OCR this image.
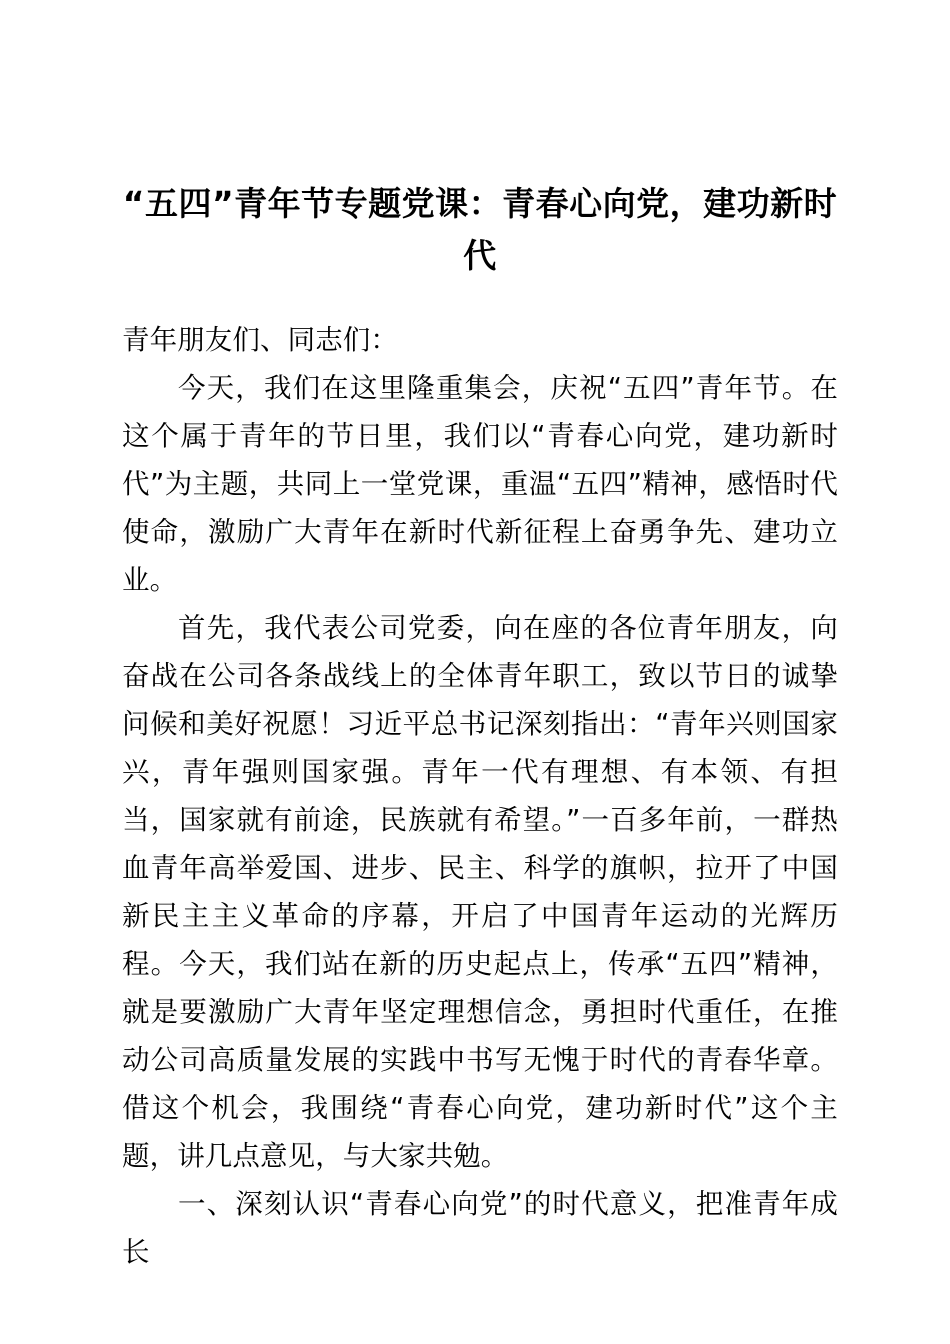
“五四”青年节专题党课：青春心向党，建功新时代

青年朋友们、同志们：

今天，我们在这里隆重集会，庆祝“五四”青年节。在这个属于青年的节日里，我们以“青春心向党，建功新时代”为主题，共同上一堂党课，重温“五四”精神，感悟时代使命，激励广大青年在新时代新征程上奋勇争先、建功立业。

首先，我代表公司党委，向在座的各位青年朋友，向奋战在公司各条战线上的全体青年职工，致以节日的诚挚问候和美好祝愿！习近平总书记深刻指出：“青年兴则国家兴，青年强则国家强。青年一代有理想、有本领、有担当，国家就有前途，民族就有希望。”一百多年前，一群热血青年高举爱国、进步、民主、科学的旗帜，拉开了中国新民主主义革命的序幕，开启了中国青年运动的光辉历程。今天，我们站在新的历史起点上，传承“五四”精神，就是要激励广大青年坚定理想信念，勇担时代重任，在推动公司高质量发展的实践中书写无愧于时代的青春华章。借这个机会，我围绕“青春心向党，建功新时代”这个主题，讲几点意见，与大家共勉。

一、深刻认识“青春心向党”的时代意义，把准青年成长
